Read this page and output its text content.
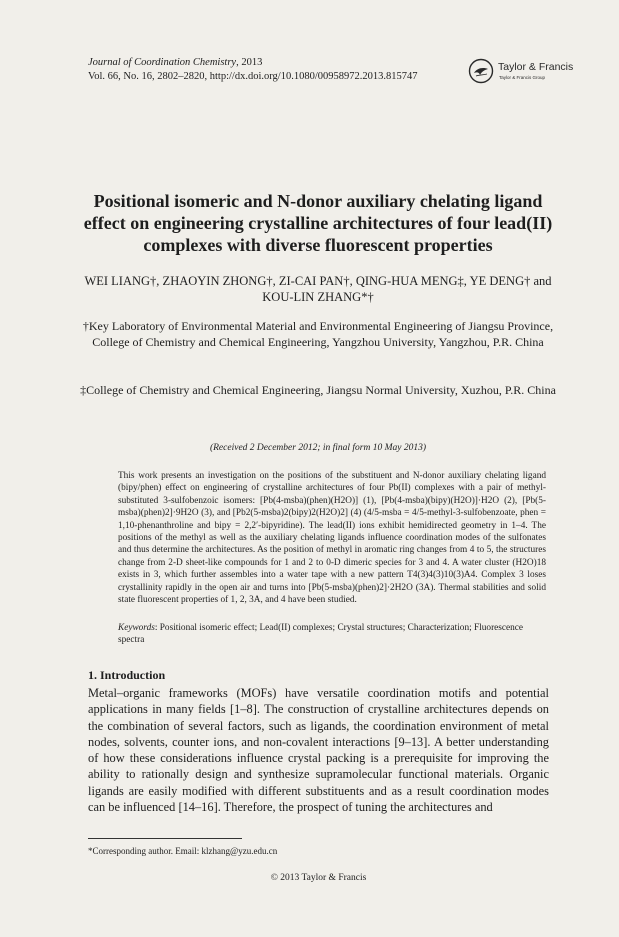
Journal of Coordination Chemistry, 2013
Vol. 66, No. 16, 2802–2820, http://dx.doi.org/10.1080/00958972.2013.815747
Taylor & Francis
Taylor & Francis Group
Positional isomeric and N-donor auxiliary chelating ligand effect on engineering crystalline architectures of four lead(II) complexes with diverse fluorescent properties
WEI LIANG†, ZHAOYIN ZHONG†, ZI-CAI PAN†, QING-HUA MENG‡, YE DENG† and KOU-LIN ZHANG*†
†Key Laboratory of Environmental Material and Environmental Engineering of Jiangsu Province, College of Chemistry and Chemical Engineering, Yangzhou University, Yangzhou, P.R. China
‡College of Chemistry and Chemical Engineering, Jiangsu Normal University, Xuzhou, P.R. China
(Received 2 December 2012; in final form 10 May 2013)
This work presents an investigation on the positions of the substituent and N-donor auxiliary chelating ligand (bipy/phen) effect on engineering of crystalline architectures of four Pb(II) complexes with a pair of methyl-substituted 3-sulfobenzoic isomers: [Pb(4-msba)(phen)(H2O)] (1), [Pb(4-msba)(bipy)(H2O)]·H2O (2), [Pb(5-msba)(phen)2]·9H2O (3), and [Pb2(5-msba)2(bipy)2(H2O)2] (4) (4/5-msba = 4/5-methyl-3-sulfobenzoate, phen = 1,10-phenanthroline and bipy = 2,2′-bipyridine). The lead(II) ions exhibit hemidirected geometry in 1–4. The positions of the methyl as well as the auxiliary chelating ligands influence coordination modes of the sulfonates and thus determine the architectures. As the position of methyl in aromatic ring changes from 4 to 5, the structures change from 2-D sheet-like compounds for 1 and 2 to 0-D dimeric species for 3 and 4. A water cluster (H2O)18 exists in 3, which further assembles into a water tape with a new pattern T4(3)4(3)10(3)A4. Complex 3 loses crystallinity rapidly in the open air and turns into [Pb(5-msba)(phen)2]·2H2O (3A). Thermal stabilities and solid state fluorescent properties of 1, 2, 3A, and 4 have been studied.
Keywords: Positional isomeric effect; Lead(II) complexes; Crystal structures; Characterization; Fluorescence spectra
1. Introduction
Metal–organic frameworks (MOFs) have versatile coordination motifs and potential applications in many fields [1–8]. The construction of crystalline architectures depends on the combination of several factors, such as ligands, the coordination environment of metal nodes, solvents, counter ions, and non-covalent interactions [9–13]. A better understanding of how these considerations influence crystal packing is a prerequisite for improving the ability to rationally design and synthesize supramolecular functional materials. Organic ligands are easily modified with different substituents and as a result coordination modes can be influenced [14–16]. Therefore, the prospect of tuning the architectures and
*Corresponding author. Email: klzhang@yzu.edu.cn
© 2013 Taylor & Francis
